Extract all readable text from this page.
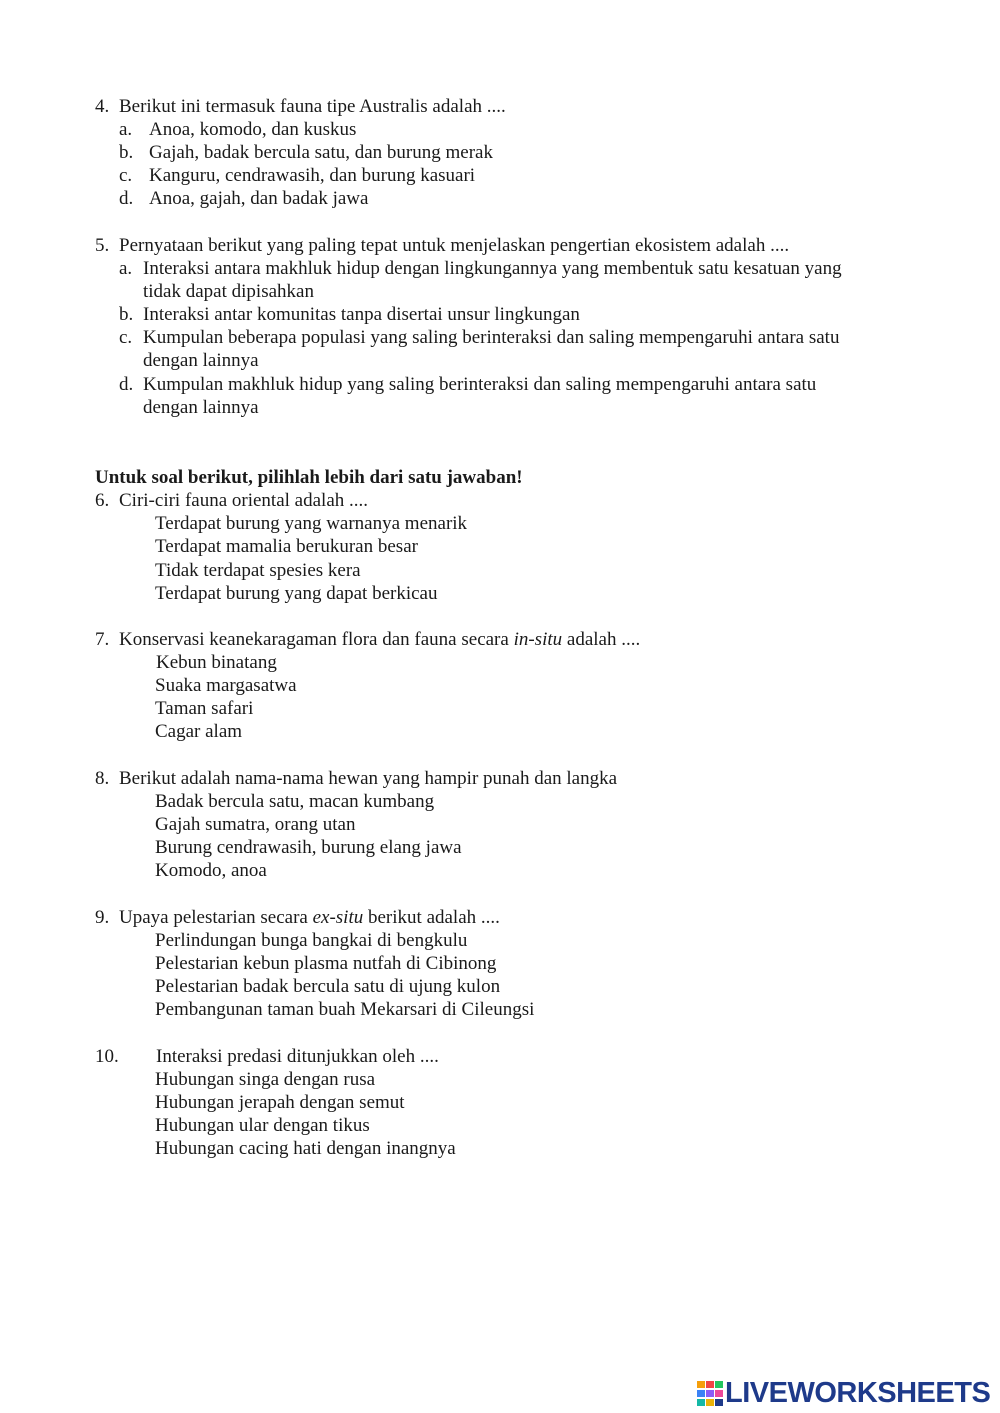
4. Berikut ini termasuk fauna tipe Australis adalah ....
a. Anoa, komodo, dan kuskus
b. Gajah, badak bercula satu, dan burung merak
c. Kanguru, cendrawasih, dan burung kasuari
d. Anoa, gajah, dan badak jawa
5. Pernyataan berikut yang paling tepat untuk menjelaskan pengertian ekosistem adalah ....
a. Interaksi antara makhluk hidup dengan lingkungannya yang membentuk satu kesatuan yang
tidak dapat dipisahkan
b. Interaksi antar komunitas tanpa disertai unsur lingkungan
c. Kumpulan beberapa populasi yang saling berinteraksi dan saling mempengaruhi antara satu
dengan lainnya
d. Kumpulan makhluk hidup yang saling berinteraksi dan saling mempengaruhi antara satu
dengan lainnya
Untuk soal berikut, pilihlah lebih dari satu jawaban!
6. Ciri-ciri fauna oriental adalah ....
Terdapat burung yang warnanya menarik
Terdapat mamalia berukuran besar
Tidak terdapat spesies kera
Terdapat burung yang dapat berkicau
7. Konservasi keanekaragaman flora dan fauna secara in-situ adalah ....
Kebun binatang
Suaka margasatwa
Taman safari
Cagar alam
8. Berikut adalah nama-nama hewan yang hampir punah dan langka
Badak bercula satu, macan kumbang
Gajah sumatra, orang utan
Burung cendrawasih, burung elang jawa
Komodo, anoa
9. Upaya pelestarian secara ex-situ berikut adalah ....
Perlindungan bunga bangkai di bengkulu
Pelestarian kebun plasma nutfah di Cibinong
Pelestarian badak bercula satu di ujung kulon
Pembangunan taman buah Mekarsari di Cileungsi
10. Interaksi predasi ditunjukkan oleh ....
Hubungan singa dengan rusa
Hubungan jerapah dengan semut
Hubungan ular dengan tikus
Hubungan cacing hati dengan inangnya
LIVEWORKSHEETS
